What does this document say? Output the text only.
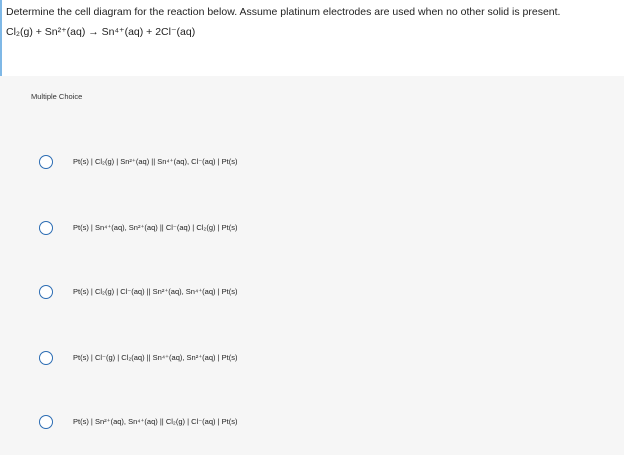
Determine the cell diagram for the reaction below. Assume platinum electrodes are used when no other solid is present.
Cl₂(g) + Sn²⁺(aq) → Sn⁴⁺(aq) + 2Cl⁻(aq)
Multiple Choice
Pt(s) | Cl₂(g) | Sn²⁺(aq) || Sn⁴⁺(aq), Cl⁻(aq) | Pt(s)
Pt(s) | Sn⁴⁺(aq), Sn²⁺(aq) || Cl⁻(aq) | Cl₂(g) | Pt(s)
Pt(s) | Cl₂(g) | Cl⁻(aq) || Sn²⁺(aq), Sn⁴⁺(aq) | Pt(s)
Pt(s) | Cl⁻(g) | Cl₂(aq) || Sn⁴⁺(aq), Sn²⁺(aq) | Pt(s)
Pt(s) | Sn²⁺(aq), Sn⁴⁺(aq) || Cl₂(g) | Cl⁻(aq) | Pt(s)
